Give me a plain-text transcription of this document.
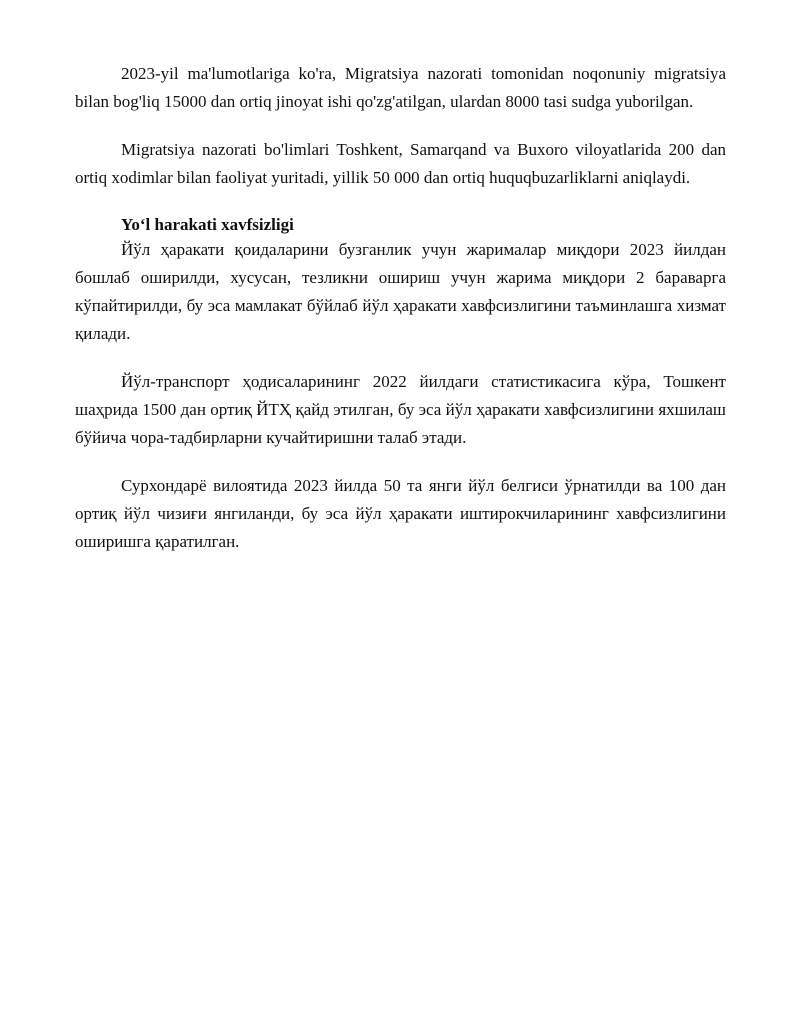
2023-yil ma'lumotlariga ko'ra, Migratsiya nazorati tomonidan noqonuniy migratsiya bilan bog'liq 15000 dan ortiq jinoyat ishi qo'zg'atilgan, ulardan 8000 tasi sudga yuborilgan.

Migratsiya nazorati bo'limlari Toshkent, Samarqand va Buxoro viloyatlarida 200 dan ortiq xodimlar bilan faoliyat yuritadi, yillik 50 000 dan ortiq huquqbuzarliklarni aniqlaydi.

Yo‘l harakati xavfsizligi

Йўл ҳаракати қоидаларини бузганлик учун жарималар миқдори 2023 йилдан бошлаб оширилди, хусусан, тезликни ошириш учун жарима миқдори 2 бараварга кўпайтирилди, бу эса мамлакат бўйлаб йўл ҳаракати хавфсизлигини таъминлашга хизмат қилади.

Йўл-транспорт ҳодисаларининг 2022 йилдаги статистикасига кўра, Тошкент шаҳрида 1500 дан ортиқ ЙТҲ қайд этилган, бу эса йўл ҳаракати хавфсизлигини яхшилаш бўйича чора-тадбирларни кучайтиришни талаб этади.

Сурхондарё вилоятида 2023 йилда 50 та янги йўл белгиси ўрнатилди ва 100 дан ортиқ йўл чизиғи янгиланди, бу эса йўл ҳаракати иштирокчиларининг хавфсизлигини оширишга қаратилган.
